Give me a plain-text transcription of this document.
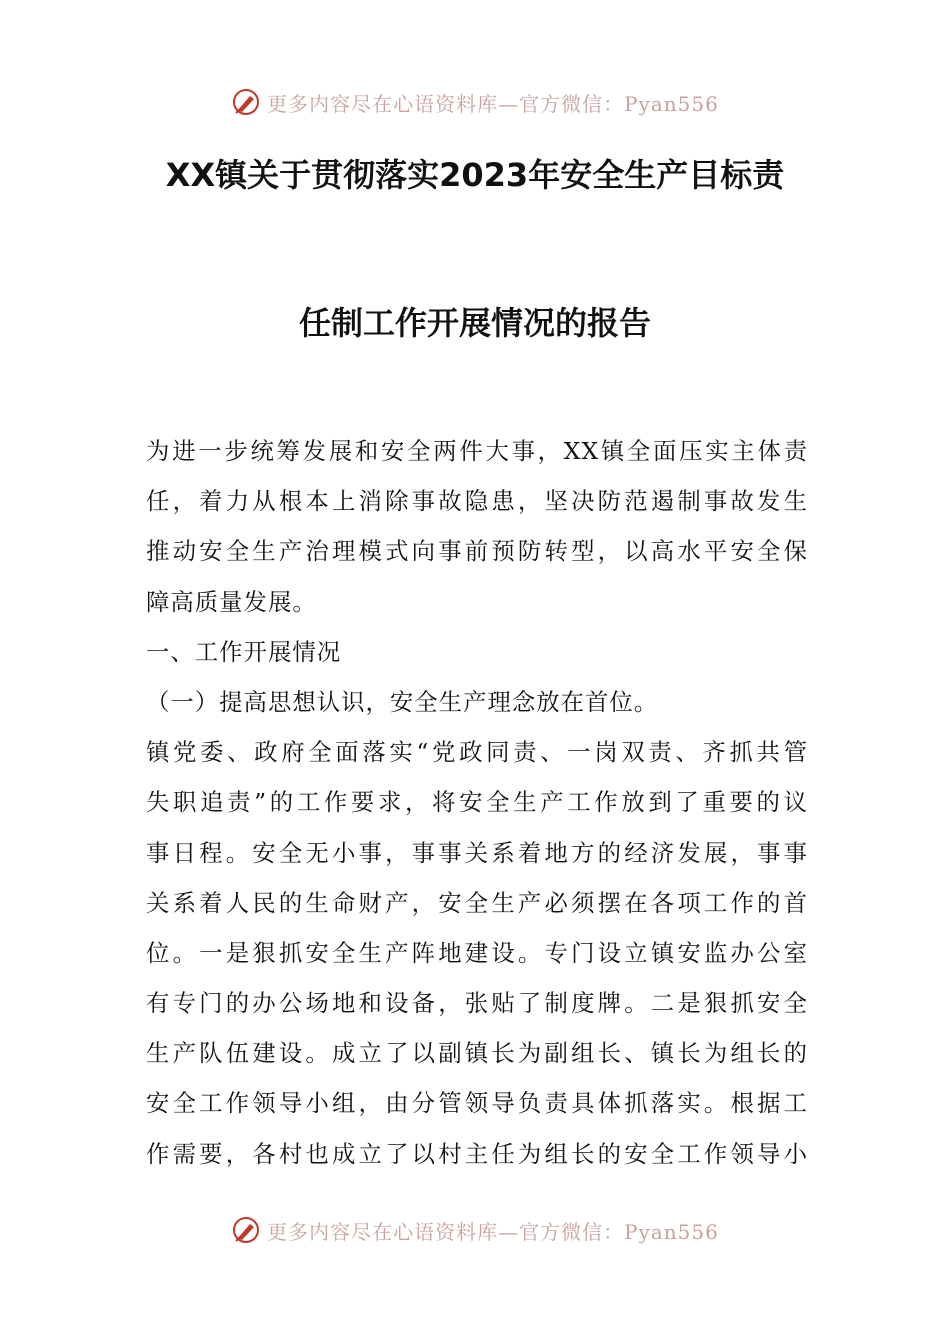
更多内容尽在心语资料库—官方微信：Pyan556
XX镇关于贯彻落实2023年安全生产目标责
任制工作开展情况的报告
为进一步统筹发展和安全两件大事，XX镇全面压实主体责
任，着力从根本上消除事故隐患，坚决防范遏制事故发生
推动安全生产治理模式向事前预防转型，以高水平安全保
障高质量发展。
一、工作开展情况
（一）提高思想认识，安全生产理念放在首位。
镇党委、政府全面落实“党政同责、一岗双责、齐抓共管
失职追责”的工作要求，将安全生产工作放到了重要的议
事日程。安全无小事，事事关系着地方的经济发展，事事
关系着人民的生命财产，安全生产必须摆在各项工作的首
位。一是狠抓安全生产阵地建设。专门设立镇安监办公室
有专门的办公场地和设备，张贴了制度牌。二是狠抓安全
生产队伍建设。成立了以副镇长为副组长、镇长为组长的
安全工作领导小组，由分管领导负责具体抓落实。根据工
作需要，各村也成立了以村主任为组长的安全工作领导小
更多内容尽在心语资料库—官方微信：Pyan556
